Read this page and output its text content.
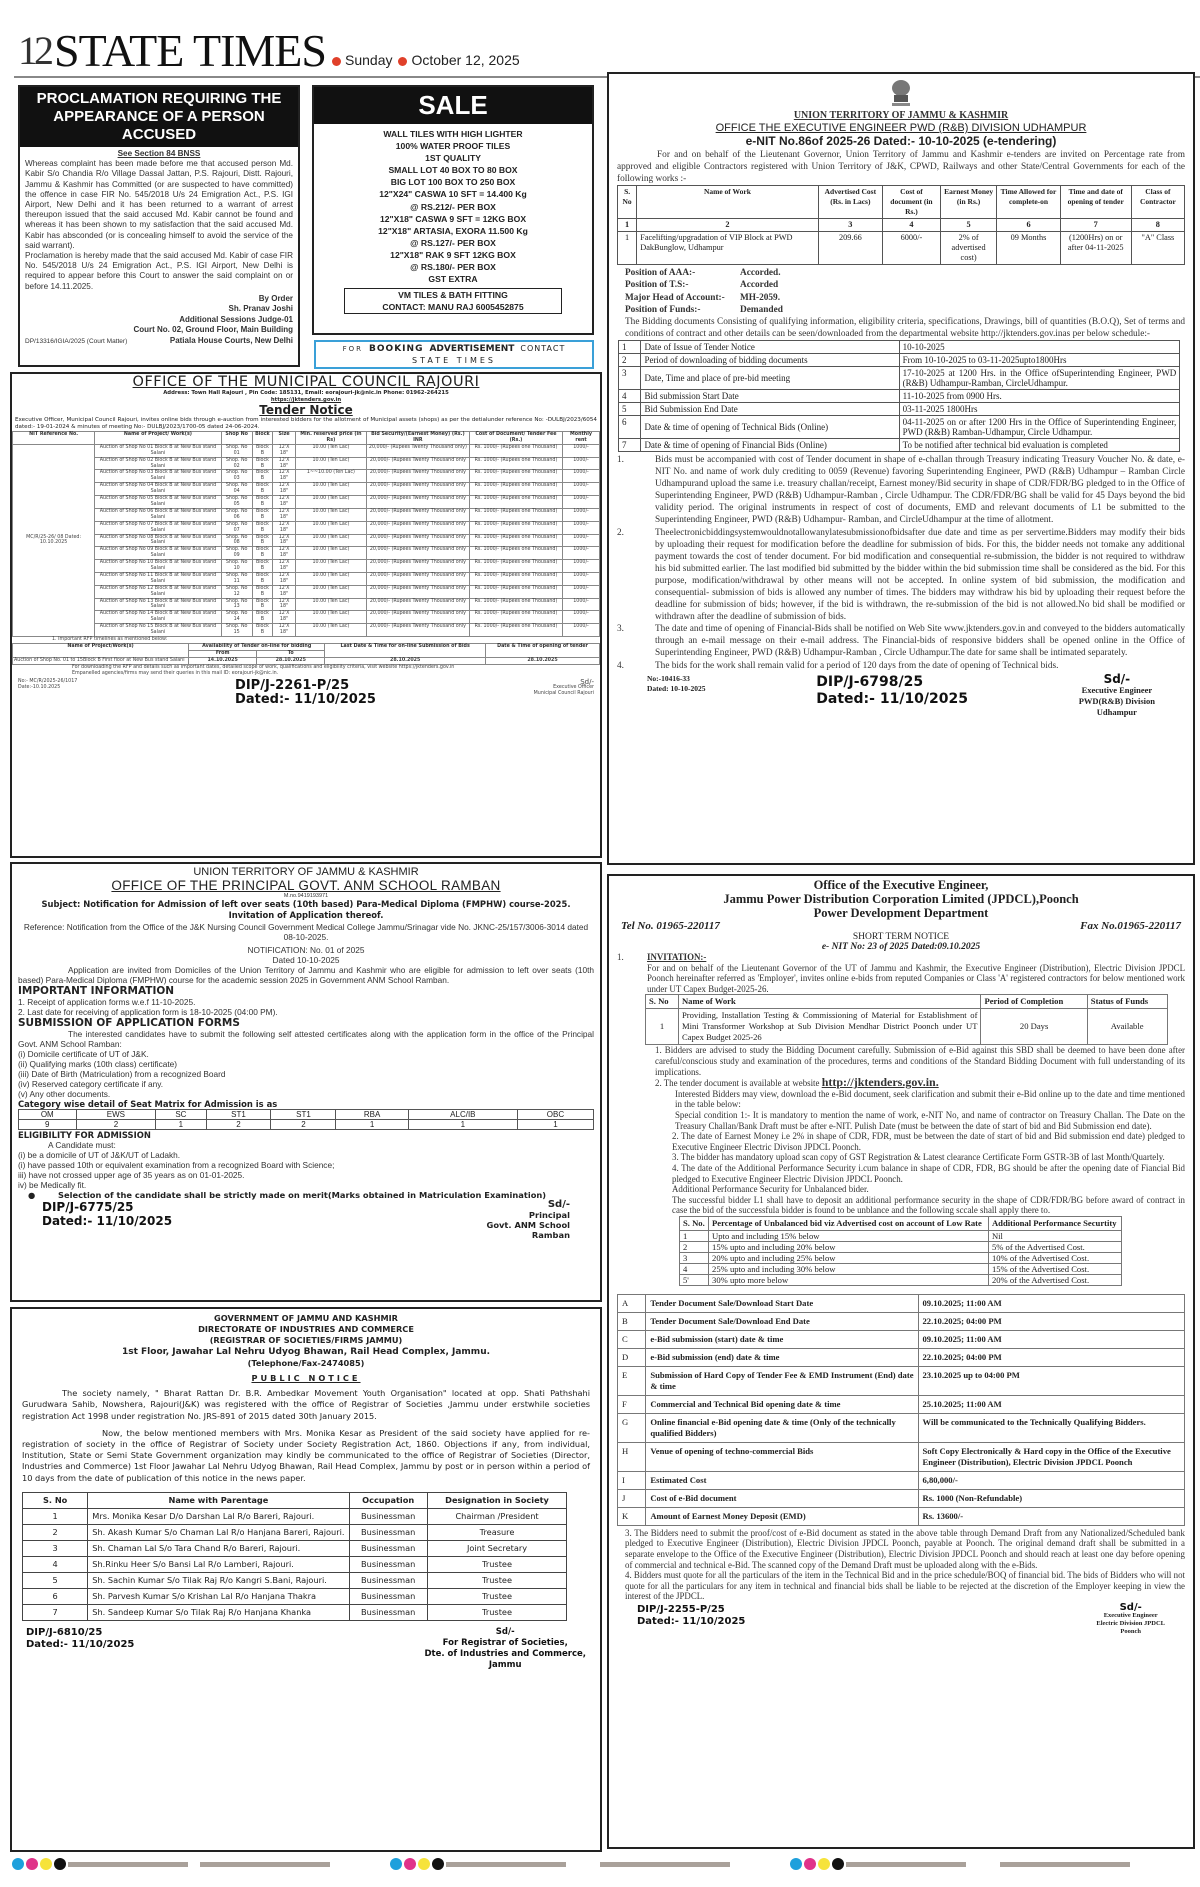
12 STATE TIMES Sunday October 12, 2025
PROCLAMATION REQUIRING THE
APPEARANCE OF A PERSON ACCUSED
See Section 84 BNSS
Whereas complaint has been made before me that accused person Md. Kabir S/o Chandia R/o Village Dassal Jattan, P.S. Rajouri, Distt. Rajouri, Jammu & Kashmir has Committed (or are suspected to have committed) the offence in case FIR No. 545/2018 U/s 24 Emigration Act., P.S. IGI Airport, New Delhi and it has been returned to a warrant of arrest thereupon issued that the said accused Md. Kabir cannot be found and whereas it has been shown to my satisfaction that the said accused Md. Kabir has absconded (or is concealing himself to avoid the service of the said warrant).
Proclamation is hereby made that the said accused Md. Kabir of case FIR No. 545/2018 U/s 24 Emigration Act., P.S. IGI Airport, New Delhi is required to appear before this Court to answer the said complaint on or before 14.11.2025.
By Order
Sh. Pranav Joshi
Additional Sessions Judge-01
Court No. 02, Ground Floor, Main Building
DP/13316/IGIA/2025 (Court Matter)	Patiala House Courts, New Delhi
SALE
WALL TILES WITH HIGH LIGHTER
100% WATER PROOF TILES
1ST QUALITY
SMALL LOT 40 BOX TO 80 BOX
BIG LOT 100 BOX TO 250 BOX
12"X24" CASWA 10 SFT = 14.400 Kg
@ RS.212/- PER BOX
12"X18" CASWA 9 SFT = 12KG BOX
12"X18" ARTASIA, EXORA 11.500 Kg
@ RS.127/- PER BOX
12"X18" RAK 9 SFT 12KG BOX
@ RS.180/- PER BOX
GST EXTRA
VM TILES & BATH FITTING
CONTACT: MANU RAJ 6005452875
FOR BOOKING ADVERTISEMENT CONTACT
STATE TIMES
OFFICE OF THE MUNICIPAL COUNCIL RAJOURI
Address: Town Hall Rajouri , Pin Code: 185131, Email: eorajouri-jk@nic.in Phone: 01962-264215
https://jktenders.gov.in
Tender Notice
Executive Officer, Municipal Council Rajouri, invites online bids through e-auction from interested bidders for the allotment of Municipal assets (shops) as per the detialunder reference No: -DULBJ/2023/6054 dated:- 19-01-2024 & minutes of meeting No:- DULBJ/2023/1700-05 dated 24-06-2024.
NIT Reference No.	Name of Project/ Work(s)	Shop No	Block	Size	Min. reserved price (in Rs)	Bid Security/(Earnest Money) (Rs.) INR	Cost of Document/ Tender Fee (Rs.)	Monthly rent
MC/R/25-26/ 08 Dated: 10.10.2025	Auction of Shop No 01 Block B at New Bus stand Salani	Shop. No 01	Block B	12'X 18"	10.00 (Ten Lac)	20,000/- (Rupees Twenty Thousand only)	Rs. 1000/- (Rupees one Thousand)	1000/-
	Auction of Shop No 02 Block B at New Bus stand Salani	Shop. No 02	Block B	12'X 18"	10.00 (Ten Lac)	20,000/- (Rupees Twenty Thousand only	Rs. 1000/- (Rupees one Thousand)	1000/-
	Auction of Shop No 03 Block B at New Bus stand Salani	Shop. No 03	Block B	12'X 18"	1~~10.00 (Ten Lac)	20,000/- (Rupees Twenty Thousand only	Rs. 1000/- (Rupees one Thousand)	1000/-
	Auction of Shop No 04 Block B at New Bus stand Salani	Shop. No 04	Block B	12'X 18"	10.00 (Ten Lac)	20,000/- (Rupees Twenty Thousand only	Rs. 1000/- (Rupees one Thousand)	1000/-
	Auction of Shop No 05 Block B at New Bus stand Salani	Shop. No 05	Block B	12'X 18"	10.00 (Ten Lac)	20,000/- (Rupees Twenty Thousand only	Rs. 1000/- (Rupees one Thousand)	1000/-
	Auction of Shop No 06 Block B at New Bus stand Salani	Shop. No 06	Block B	12'X 18"	10.00 (Ten Lac)	20,000/- (Rupees Twenty Thousand only	Rs. 1000/- (Rupees one Thousand)	1000/-
	Auction of Shop No 07 Block B at New Bus stand Salani	Shop. No 07	Block B	12'X 18"	10.00 (Ten Lac)	20,000/- (Rupees Twenty Thousand only	Rs. 1000/- (Rupees one Thousand)	1000/-
	Auction of Shop No 08 Block B at New Bus stand Salani	Shop. No 08	Block B	12'X 18"	10.00 (Ten Lac)	20,000/- (Rupees Twenty Thousand only	Rs. 1000/- (Rupees one Thousand)	1000/-
	Auction of Shop No 09 Block B at New Bus stand Salani	Shop. No 09	Block B	12'X 18"	10.00 (Ten Lac)	20,000/- (Rupees Twenty Thousand only	Rs. 1000/- (Rupees one Thousand)	1000/-
	Auction of Shop No 10 Block B at New Bus stand Salani	Shop. No 10	Block B	12'X 18"	10.00 (Ten Lac)	20,000/- (Rupees Twenty Thousand only	Rs. 1000/- (Rupees one Thousand)	1000/-
	Auction of Shop No 11 Block B at New Bus stand Salani	Shop. No 11	Block B	12'X 18"	10.00 (Ten Lac)	20,000/- (Rupees Twenty Thousand only	Rs. 1000/- (Rupees one Thousand)	1000/-
	Auction of Shop No 12 Block B at New Bus stand Salani	Shop. No 12	Block B	12'X 18"	10.00 (Ten Lac)	20,000/- (Rupees Twenty Thousand only	Rs. 1000/- (Rupees one Thousand)	1000/-
	Auction of Shop No 13 Block B at New Bus stand Salani	Shop. No 13	Block B	12'X 18"	10.00 (Ten Lac)	20,000/- (Rupees Twenty Thousand only	Rs. 1000/- (Rupees one Thousand)	1000/-
	Auction of Shop No 14 Block B at New Bus stand Salani	Shop. No 14	Block B	12'X 18"	10.00 (Ten Lac)	20,000/- (Rupees Twenty Thousand only	Rs. 1000/- (Rupees one Thousand)	1000/-
	Auction of Shop No 15 Block B at New Bus stand Salani	Shop. No 15	Block B	12'X 18"	10.00 (Ten Lac)	20,000/- (Rupees Twenty Thousand only	Rs. 1000/- (Rupees one Thousand)	1000/-
1. Important RFP timelines as mentioned below:
Name of Project/Work(s)	Availability of Tender on-line for bidding		Last Date & Time for on-line Submission of Bids	Date & Time of opening of tender
	From	To		
Auction of Shop No. 01 to 15Block B First floor at New Bus stand Salani	14.10.2025	28.10.2025	28.10.2025	28.10.2025
For downloading the RFP and details such as important dates, detailed scope of work, qualifications and eligibility criteria, visit website https://jktenders.gov.in
Empanelled agencies/firms may send their queries in this mail ID: eorajouri-jk@nic.in.
No:- MC/R/2025-26/1017
Date:-10.10.2025	DIP/J-2261-P/25
Dated:- 11/10/2025
Sd/-
Executive Officer
Municipal Council Rajouri
UNION TERRITORY OF JAMMU & KASHMIR
OFFICE OF THE PRINCIPAL GOVT. ANM SCHOOL RAMBAN
M.no.9419193971
Subject: Notification for Admission of left over seats (10th based) Para-Medical Diploma (FMPHW) course-2025. Invitation of Application thereof.
Reference: Notification from the Office of the J&K Nursing Council Government Medical College Jammu/Srinagar vide No. JKNC-25/157/3006-3014 dated 08-10-2025.
NOTIFICATION: No. 01 of 2025
Dated 10-10-2025
Application are invited from Domiciles of the Union Territory of Jammu and Kashmir who are eligible for admission to left over seats (10th based) Para-Medical Diploma (FMPHW) course for the academic session 2025 in Government ANM School Ramban.
IMPORTANT INFORMATION
1. Receipt of application forms w.e.f 11-10-2025.
2. Last date for receiving of application form is 18-10-2025 (04:00 PM).
SUBMISSION OF APPLICATION FORMS
The interested candidates have to submit the following self attested certificates along with the application form in the office of the Principal Govt. ANM School Ramban:
(i) Domicile certificate of UT of J&K.
(ii) Qualifying marks (10th class) certificate)
(iii) Date of Birth (Matriculation) from a recognized Board
(iv) Reserved category certificate if any.
(v) Any other documents.
Category wise detail of Seat Matrix for Admission is as
OM	EWS	SC	ST1	ST1	RBA	ALC/IB	OBC
9	2	1	2	2	1	1	1
ELIGIBILITY FOR ADMISSION
A Candidate must:
(i) be a domicile of UT of J&K/UT of Ladakh.
(i) have passed 10th or equivalent examination from a recognized Board with Science;
iii) have not crossed upper age of 35 years as on 01-01-2025.
iv) be Medically fit.
●	Selection of the candidate shall be strictly made on merit(Marks obtained in Matriculation Examination)
DIP/J-6775/25
Dated:- 11/10/2025
Sd/-
Principal
Govt. ANM School
Ramban
GOVERNMENT OF JAMMU AND KASHMIR
DIRECTORATE OF INDUSTRIES AND COMMERCE
(REGISTRAR OF SOCIETIES/FIRMS JAMMU)
1st Floor, Jawahar Lal Nehru Udyog Bhawan, Rail Head Complex, Jammu.
(Telephone/Fax-2474085)
PUBLIC NOTICE
The society namely, " Bharat Rattan Dr. B.R. Ambedkar Movement Youth Organisation" located at opp. Shati Pathshahi Gurudwara Sahib, Nowshera, Rajouri(J&K) was registered with the office of Registrar of Societies ,Jammu under erstwhile societies registration Act 1998 under registration No. JRS-891 of 2015 dated 30th January 2015.
Now, the below mentioned members with Mrs. Monika Kesar as President of the said society have applied for re-registration of society in the office of Registrar of Society under Society Registration Act, 1860. Objections if any, from individual, Institution, State or Semi State Government organization may kindly be communicated to the office of Registrar of Societies (Director, Industries and Commerce) 1st Floor Jawahar Lal Nehru Udyog Bhawan, Rail Head Complex, Jammu by post or in person within a period of 10 days from the date of publication of this notice in the news paper.
S. No	Name with Parentage	Occupation	Designation in Society
1	Mrs. Monika Kesar D/o Darshan Lal R/o Bareri, Rajouri.	Businessman	Chairman /President
2	Sh. Akash Kumar S/o Chaman Lal R/o Hanjana Bareri, Rajouri.	Businessman	Treasure
3	Sh. Chaman Lal S/o Tara Chand R/o Bareri, Rajouri.	Businessman	Joint Secretary
4	Sh.Rinku Heer S/o Bansi Lal R/o Lamberi, Rajouri.	Businessman	Trustee
5	Sh. Sachin Kumar S/o Tilak Raj R/o Kangri S.Bani, Rajouri.	Businessman	Trustee
6	Sh. Parvesh Kumar S/o Krishan Lal R/o Hanjana Thakra	Businessman	Trustee
7	Sh. Sandeep Kumar S/o Tilak Raj R/o Hanjana Khanka	Businessman	Trustee
DIP/J-6810/25
Dated:- 11/10/2025
Sd/-
For Registrar of Societies,
Dte. of Industries and Commerce,
Jammu
UNION TERRITORY OF JAMMU & KASHMIR
OFFICE THE EXECUTIVE ENGINEER PWD (R&B) DIVISION UDHAMPUR
e-NIT No.86of 2025-26 Dated:- 10-10-2025 (e-tendering)
For and on behalf of the Lieutenant Governor, Union Territory of Jammu and Kashmir e-tenders are invited on Percentage rate from approved and eligible Contractors registered with Union Territory of J&K, CPWD, Railways and other State/Central Governments for each of the following works :-
S. No	Name of Work	Advertised Cost (Rs. in Lacs)	Cost of document (in Rs.)	Earnest Money (in Rs.)	Time Allowed for complete-on	Time and date of opening of tender	Class of Contractor
1	2	3	4	5	6	7	8
1	Facelifting/upgradation of VIP Block at PWD DakBunglow, Udhampur	209.66	6000/-	2% of advertised cost)	09 Months	(1200Hrs) on or after 04-11-2025	"A" Class
Position of AAA:-	Accorded.
Position of T.S:-	Accorded
Major Head of Account:-	MH-2059.
Position of Funds:-	Demanded
The Bidding documents Consisting of qualifying information, eligibility criteria, specifications, Drawings, bill of quantities (B.O.Q), Set of terms and conditions of contract and other details can be seen/downloaded from the departmental website http://jktenders.gov.inas per below schedule:-
1	Date of Issue of Tender Notice	10-10-2025
2	Period of downloading of bidding documents	From 10-10-2025 to 03-11-2025upto1800Hrs
3	Date, Time and place of pre-bid meeting	17-10-2025 at 1200 Hrs. in the Office ofSuperintending Engineer, PWD (R&B) Udhampur-Ramban, CircleUdhampur.
4	Bid submission Start Date	11-10-2025 from 0900 Hrs.
5	Bid Submission End Date	03-11-2025 1800Hrs
6	Date & time of opening of Technical Bids (Online)	04-11-2025 on or after 1200 Hrs in the Office of Superintending Engineer, PWD (R&B) Ramban-Udhampur, Circle Udhampur.
7	Date & time of opening of Financial Bids (Online)	To be notified after technical bid evaluation is completed
1.	Bids must be accompanied with cost of Tender document in shape of e-challan through Treasury indicating Treasury Voucher No. & date, e-NIT No. and name of work duly crediting to 0059 (Revenue) favoring Superintending Engineer, PWD (R&B) Udhampur – Ramban Circle Udhampurand upload the same i.e. treasury challan/receipt, Earnest money/Bid security in shape of CDR/FDR/BG pledged to in the Office of Superintending Engineer, PWD (R&B) Udhampur-Ramban , Circle Udhampur. The CDR/FDR/BG shall be valid for 45 Days beyond the bid validity period. The original instruments in respect of cost of documents, EMD and relevant documents of L1 be submitted to the Superintending Engineer, PWD (R&B) Udhampur- Ramban, and CircleUdhampur at the time of allotment.
2.	Theelectronicbiddingsystemwouldnotallowanylatesubmissionofbidsafter due date and time as per servertime.Bidders may modify their bids by uploading their request for modification before the deadline for submission of bids. For this, the bidder needs not tomake any additional payment towards the cost of tender document. For bid modification and consequential re-submission, the bidder is not required to withdraw his bid submitted earlier. The last modified bid submitted by the bidder within the bid submission time shall be considered as the bid. For this purpose, modification/withdrawal by other means will not be accepted. In online system of bid submission, the modification and consequential- submission of bids is allowed any number of times. The bidders may withdraw his bid by uploading their request before the deadline for submission of bids; however, if the bid is withdrawn, the re-submission of the bid is not allowed.No bid shall be modified or withdrawn after the deadline of submission of bids.
3.	The date and time of opening of Financial-Bids shall be notified on Web Site www.jktenders.gov.in and conveyed to the bidders automatically through an e-mail message on their e-mail address. The Financial-bids of responsive bidders shall be opened online in the Office of Superintending Engineer, PWD (R&B) Udhampur-Ramban , Circle Udhampur.The date for same shall be intimated separately.
4.	The bids for the work shall remain valid for a period of 120 days from the date of opening of Technical bids.
No:-10416-33
Dated: 10-10-2025	DIP/J-6798/25
Dated:- 11/10/2025
Sd/-
Executive Engineer
PWD(R&B) Division
Udhampur
Office of the Executive Engineer,
Jammu Power Distribution Corporation Limited (JPDCL),Poonch
Power Development Department
Tel No. 01965-220117	Fax No.01965-220117
SHORT TERM NOTICE
e- NIT No: 23 of 2025 Dated:09.10.2025
1.	INVITATION:-
For and on behalf of the Lieutenant Governor of the UT of Jammu and Kashmir, the Executive Engineer (Distribution), Electric Division JPDCL Poonch hereinafter referred as 'Employer', invites online e-bids from reputed Companies or Class 'A' registered contractors for below mentioned work under UT Capex Budget-2025-26.
S. No	Name of Work	Period of Completion	Status of Funds
1	Providing, Installation Testing & Commissioning of Material for Establishment of Mini Transformer Workshop at Sub Division Mendhar District Poonch under UT Capex Budget 2025-26	20 Days	Available
1. Bidders are advised to study the Bidding Document carefully. Submission of e-Bid against this SBD shall be deemed to have been done after careful/conscious study and examination of the procedures, terms and conditions of the Standard Bidding Document with full understanding of its implications.
2. The tender document is available at website http://jktenders.gov.in.
Interested Bidders may view, download the e-Bid document, seek clarification and submit their e-Bid online up to the date and time mentioned in the table below:
Special condition 1:- It is mandatory to mention the name of work, e-NIT No, and name of contractor on Treasury Challan. The Date on the Treasury Challan/Bank Draft must be after e-NIT. Pulish Date (must be between the date of start of bid and Bid Submission end date).
2. The date of Earnest Money i.e 2% in shape of CDR, FDR, must be between the date of start of bid and Bid submission end date) pledged to Executive Engineer Electric Divison JPDCL Poonch.
3. The bidder has mandatory upload scan copy of GST Registration & Latest clearance Certificate Form GSTR-3B of last Month/Quartely.
4. The date of the Additional Performance Security i.cum balance in shape of CDR, FDR, BG should be after the opening date of Fiancial Bid pledged to Executive Engineer Electric Division JPDCL Poonch.
Additional Performance Security for Unbalanced bider.
The successful bidder L1 shall have to deposit an additional performance security in the shape of CDR/FDR/BG before award of contract in case the bid of the successfula bidder is found to be unblance and the following sccale shall apply there to.
S. No.	Percentage of Unbalanced bid viz Advertised cost on account of Low Rate	Additional Performance Securtity
1	Upto and including 15% below	Nil
2	15% upto and including 20% below	5% of the Advertised Cost.
3	20% upto and including 25% below	10% of the Advertised Cost.
4	25% upto and including 30% below	15% of the Advertised Cost.
5'	30% upto more below	20% of the Advertised Cost.
A	Tender Document Sale/Download Start Date	09.10.2025; 11:00 AM
B	Tender Document Sale/Download End Date	22.10.2025; 04:00 PM
C	e-Bid submission (start) date & time	09.10.2025; 11:00 AM
D	e-Bid submission (end) date & time	22.10.2025; 04:00 PM
E	Submission of Hard Copy of Tender Fee & EMD Instrument (End) date & time	23.10.2025 up to 04:00 PM
F	Commercial and Technical Bid opening date & time	25.10.2025; 11:00 AM
G	Online financial e-Bid opening date & time (Only of the technically qualified Bidders)	Will be communicated to the Technically Qualifying Bidders.
H	Venue of opening of techno-commercial Bids	Soft Copy Electronically & Hard copy in the Office of the Executive Engineer (Distribution), Electric Division JPDCL Poonch
I	Estimated Cost	6,80,000/-
J	Cost of e-Bid document	Rs. 1000 (Non-Refundable)
K	Amount of Earnest Money Deposit (EMD)	Rs. 13600/-
3. The Bidders need to submit the proof/cost of e-Bid document as stated in the above table through Demand Draft from any Nationalized/Scheduled bank pledged to Executive Engineer (Distribution), Electric Division JPDCL Poonch, payable at Poonch. The original demand draft shall be submitted in a separate envelope to the Office of the Executive Engineer (Distribution), Electric Division JPDCL Poonch and should reach at least one day before opening of commercial and technical e-Bid. The scanned copy of the Demand Draft must be uploaded along with the e-Bids.
4. Bidders must quote for all the particulars of the item in the Technical Bid and in the price schedule/BOQ of financial bid. The bids of Bidders who will not quote for all the particulars for any item in technical and financial bids shall be liable to be rejected at the discretion of the Employer keeping in view the interest of the JPDCL.
DIP/J-2255-P/25
Dated:- 11/10/2025
Sd/-
Executive Engineer
Electric Division JPDCL
Poonch
